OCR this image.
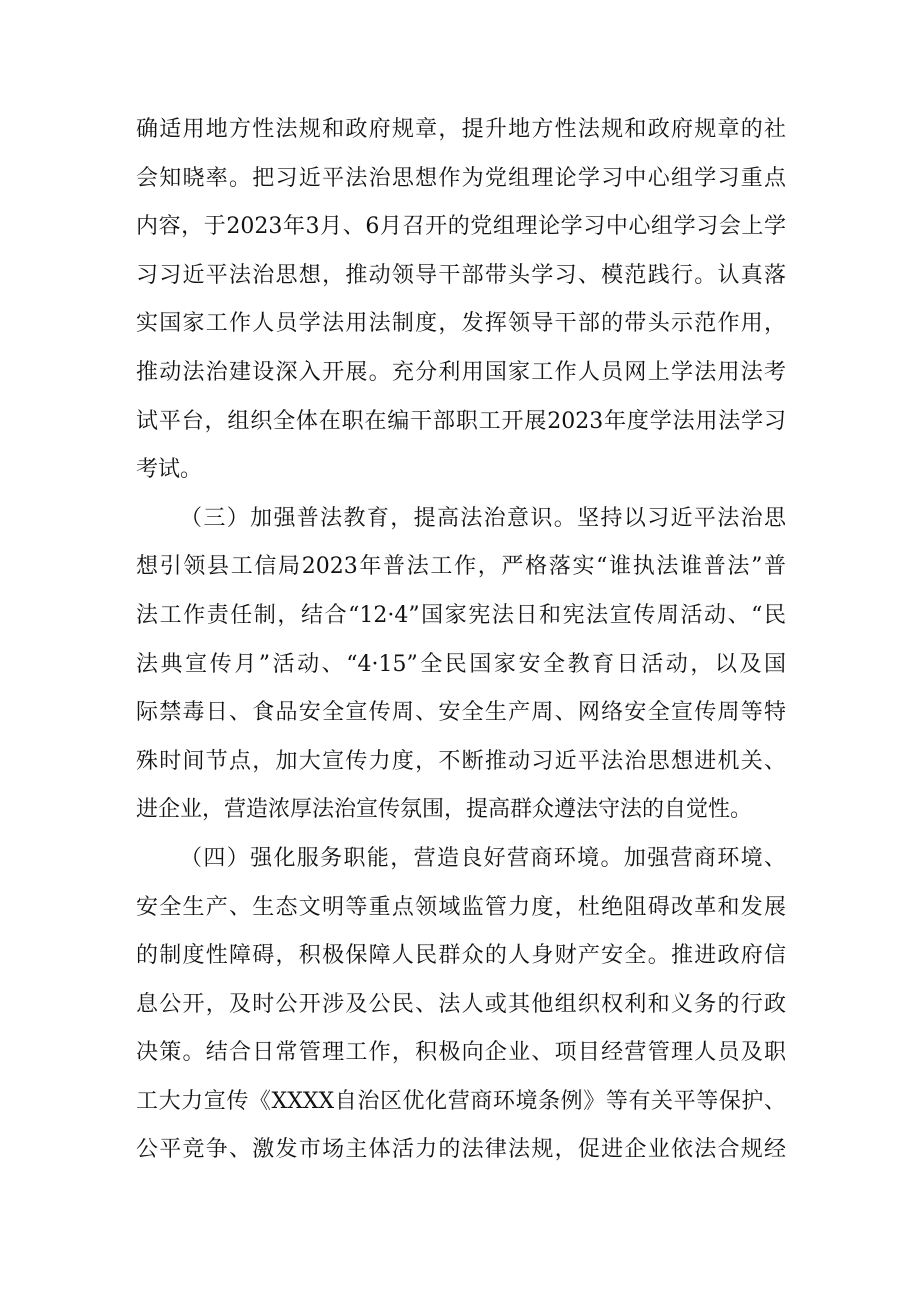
确适用地方性法规和政府规章，提升地方性法规和政府规章的社
会知晓率。把习近平法治思想作为党组理论学习中心组学习重点
内容，于2023年3月、6月召开的党组理论学习中心组学习会上学
习习近平法治思想，推动领导干部带头学习、模范践行。认真落
实国家工作人员学法用法制度，发挥领导干部的带头示范作用，
推动法治建设深入开展。充分利用国家工作人员网上学法用法考
试平台，组织全体在职在编干部职工开展2023年度学法用法学习
考试。
（三）加强普法教育，提高法治意识。坚持以习近平法治思
想引领县工信局2023年普法工作，严格落实“谁执法谁普法”普
法工作责任制，结合“12·4”国家宪法日和宪法宣传周活动、“民
法典宣传月”活动、“4·15”全民国家安全教育日活动，以及国
际禁毒日、食品安全宣传周、安全生产周、网络安全宣传周等特
殊时间节点，加大宣传力度，不断推动习近平法治思想进机关、
进企业，营造浓厚法治宣传氛围，提高群众遵法守法的自觉性。
（四）强化服务职能，营造良好营商环境。加强营商环境、
安全生产、生态文明等重点领域监管力度，杜绝阻碍改革和发展
的制度性障碍，积极保障人民群众的人身财产安全。推进政府信
息公开，及时公开涉及公民、法人或其他组织权利和义务的行政
决策。结合日常管理工作，积极向企业、项目经营管理人员及职
工大力宣传《XXXX自治区优化营商环境条例》等有关平等保护、
公平竞争、激发市场主体活力的法律法规，促进企业依法合规经
